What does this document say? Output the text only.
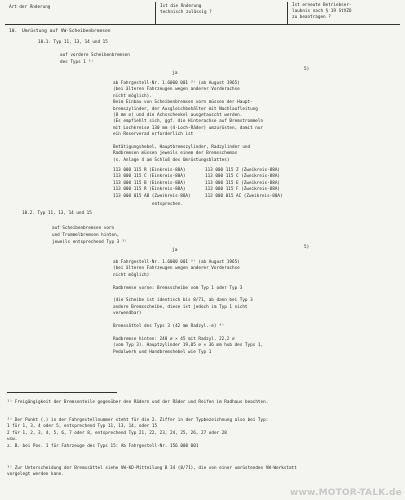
Art der Änderung	Ist die Änderung
technisch zulässig ?
Ist erneute Betriebser-
laubnis nach § 19 StVZO
zu beantragen ?
10. Umrüstung auf VW-Scheibenbremsen
10.1. Typ 11, 13, 14 und 15
auf vordere Scheibenbremsen
des Typs 1 ¹⁾
ja
5)
ab Fahrgestell-Nr. 1.6000 001 ²⁾ (ab August 1965)
(bei älteren Fahrzeugen wegen anderer Vorderachse
nicht möglich).
Beim Einbau von Scheibenbremsen vorn müssen der Haupt-
bremszylinder, der Ausgleichbehälter mit Nachlaufleitung
(8 mm ∅) und die Achsschenkel ausgetauscht werden.
(Es empfiehlt sich, ggf. die Hinterachse auf Bremstrommeln
mit Lochkreis∅ 130 mm (4-Loch-Räder) umzurüsten, damit nur
ein Reserverad erforderlich ist

Betätigungshebel, Hauptbremszylinder, Radzylinder und
Radbremsen müssen jeweils einem der Bremsschemas
(s. Anlage 4 am Schluß des Umrüstungsblattes)
113 000 115 R (Einkreis-88A)
113 000 115 C (Einkreis-88A)
113 000 115 B (Einkreis-88A)
113 000 115 R (Einkreis-88A)
113 000 015 AB (Zweikreis-88A)
113 000 115 Z (Zweikreis-88A)
113 000 115 C (Zweikreis-88A)
113 000 115 E (Zweikreis-88A)
113 000 115 F (Zweikreis-88A)
113 000 015 AC (Zweikreis-88A)
entsprechen.
10.2. Typ 11, 13, 14 und 15
auf Scheibenbremsen vorn
und Trommelbremsen hinten,
jeweils entsprechend Typ 3 ³⁾
ja
5)
ab Fahrgestell-Nr. 1.6000 001 ²⁾ (ab August 1965)
(bei älteren Fahrzeugen wegen anderer Vorderachse
nicht möglich)

Radbremse vorne: Bremsscheibe vom Typ 1 oder Typ 3

(die Scheibe ist identisch bis 8/71, ab dann bei Typ 3
andere Bremsscheibe, diese ist jedoch im Typ 1 nicht
verwendbar)

Bremssättel des Typs 3 (42 mm Radzyl.-∅) ⁴⁾

Radbremse hinten: 248 ∅ × 45 mit Radzyl. 22,2 ∅
(vom Typ 3). Hauptzylinder 19,05 ∅ × 36 mm hub des Typs 1,
Pedalwerk und Handbremshebel wie Typ 1
¹⁾ Freigängigkeit der Bremsenteile gegenüber den Rädern und der Räder und Reifen im Radhaus beachten.
²⁾ Der Punkt (.) in der Fahrgestellnummer steht für die 2. Ziffer in der Typbezeichnung also bei Typ:
1 für 1, 3, 4 oder 5, entsprechend Typ 11, 13, 14, oder 15
2 für 1, 2, 3, 4, 5, 6, 7 oder 8, entsprechend Typ 21, 22, 23, 24, 25, 26, 27 oder 28
usw.
z. B. bei Pos. 1 für Fahrzeuge des Typs 15: Ab Fahrgestell-Nr. 156 000 001
³⁾ Zur Unterscheidung der Bremssättel siehe VW-KD-Mitteilung B 34 (8/71), die von einer umrüstenden VW-Werkstatt
vorgelegt werden kann.
www.MOTOR-TALK.de
